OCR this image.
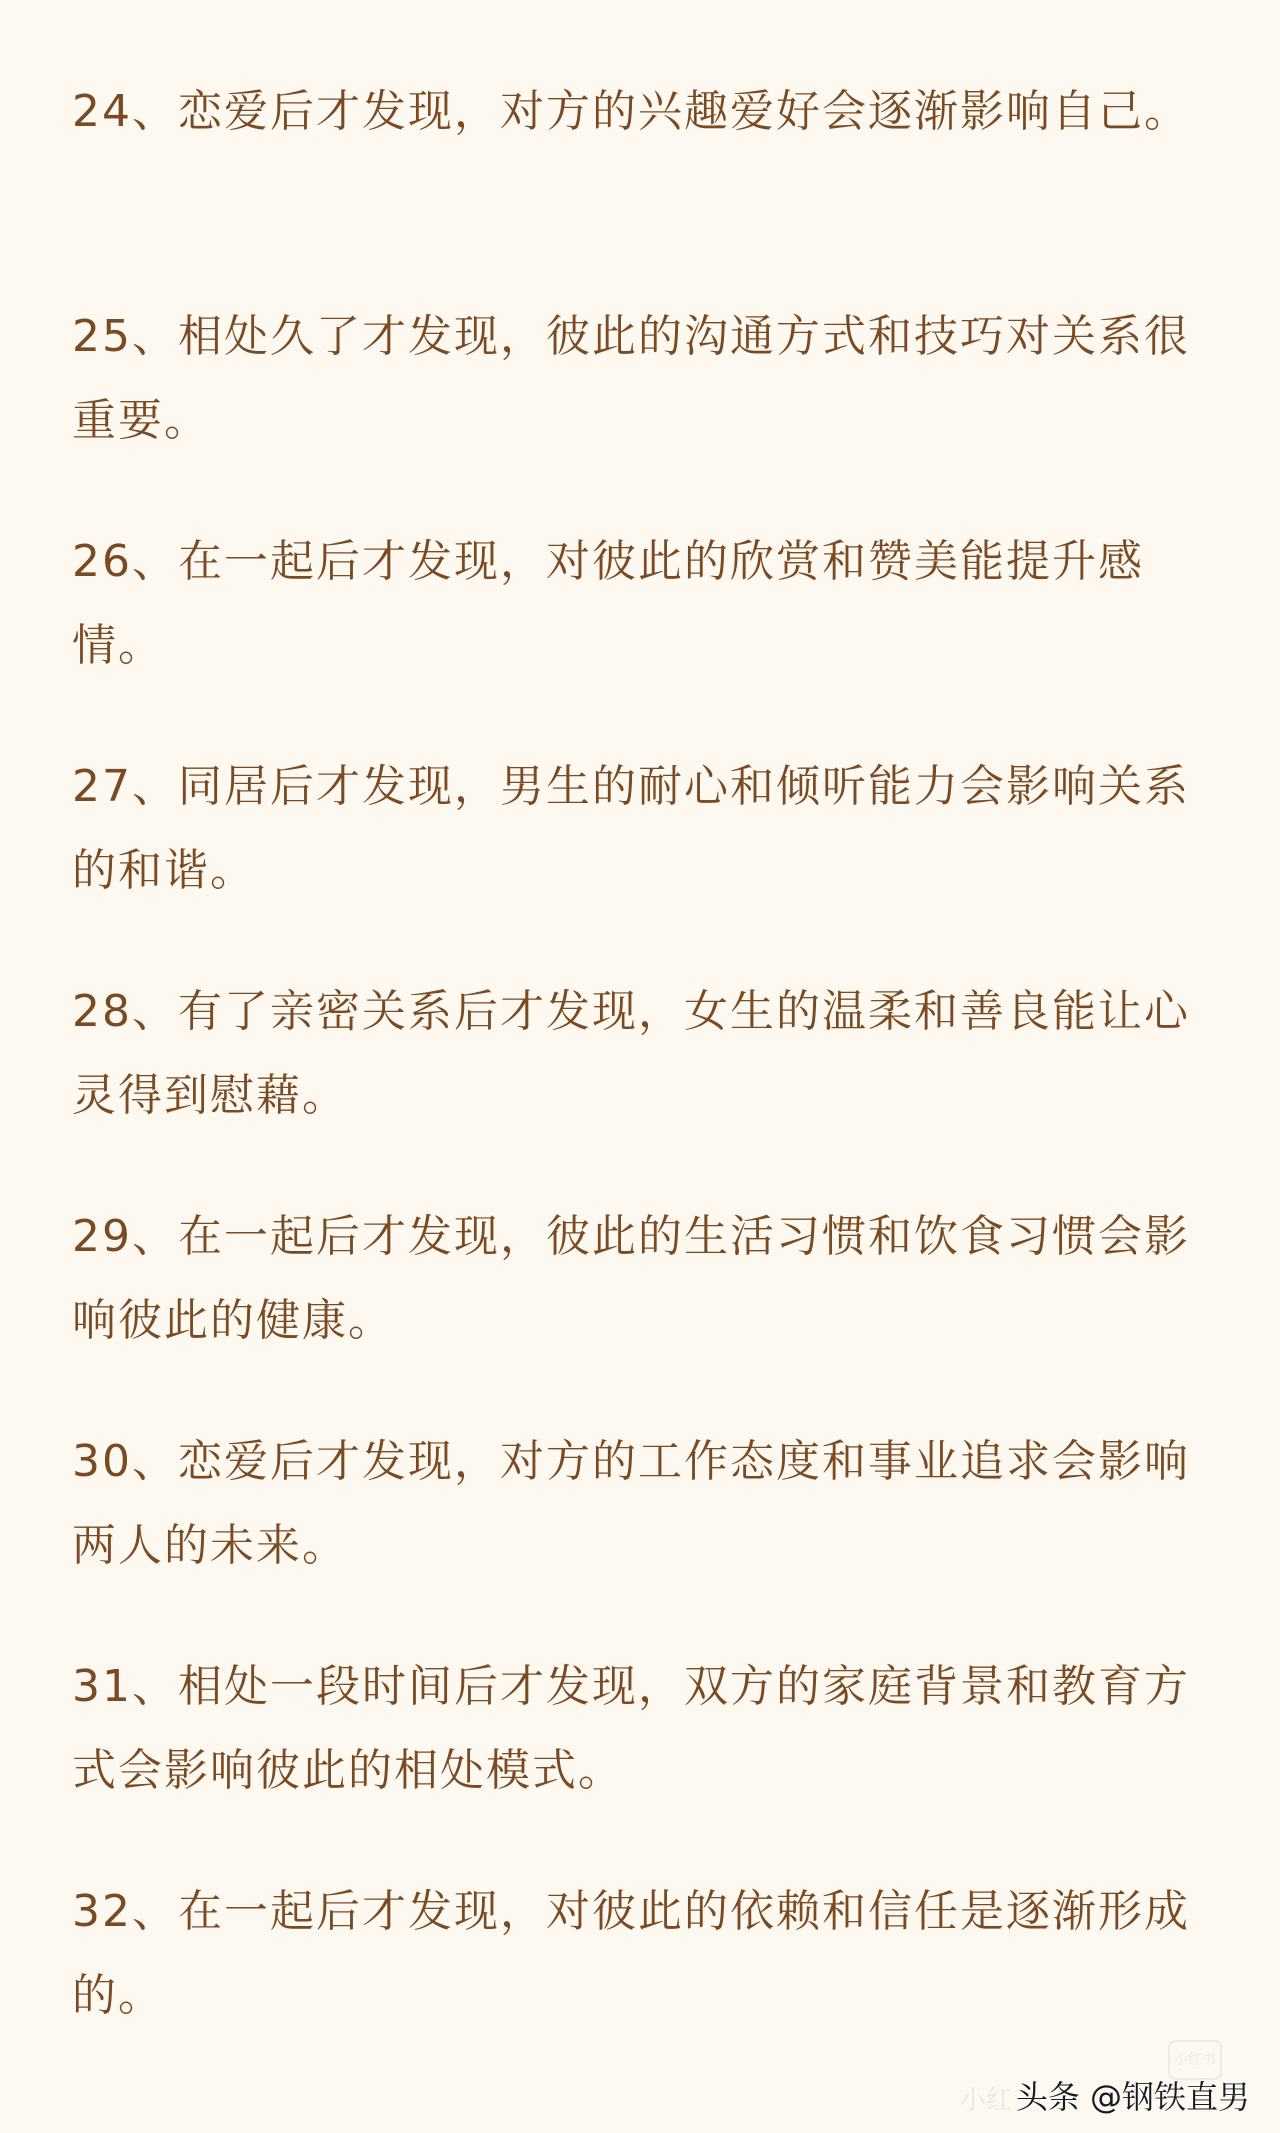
24、恋爱后才发现，对方的兴趣爱好会逐渐影响自己。

25、相处久了才发现，彼此的沟通方式和技巧对关系很重要。

26、在一起后才发现，对彼此的欣赏和赞美能提升感情。

27、同居后才发现，男生的耐心和倾听能力会影响关系的和谐。

28、有了亲密关系后才发现，女生的温柔和善良能让心灵得到慰藉。

29、在一起后才发现，彼此的生活习惯和饮食习惯会影响彼此的健康。

30、恋爱后才发现，对方的工作态度和事业追求会影响两人的未来。

31、相处一段时间后才发现，双方的家庭背景和教育方式会影响彼此的相处模式。

32、在一起后才发现，对彼此的依赖和信任是逐渐形成的。

小红
小红书
头条 @钢铁直男
